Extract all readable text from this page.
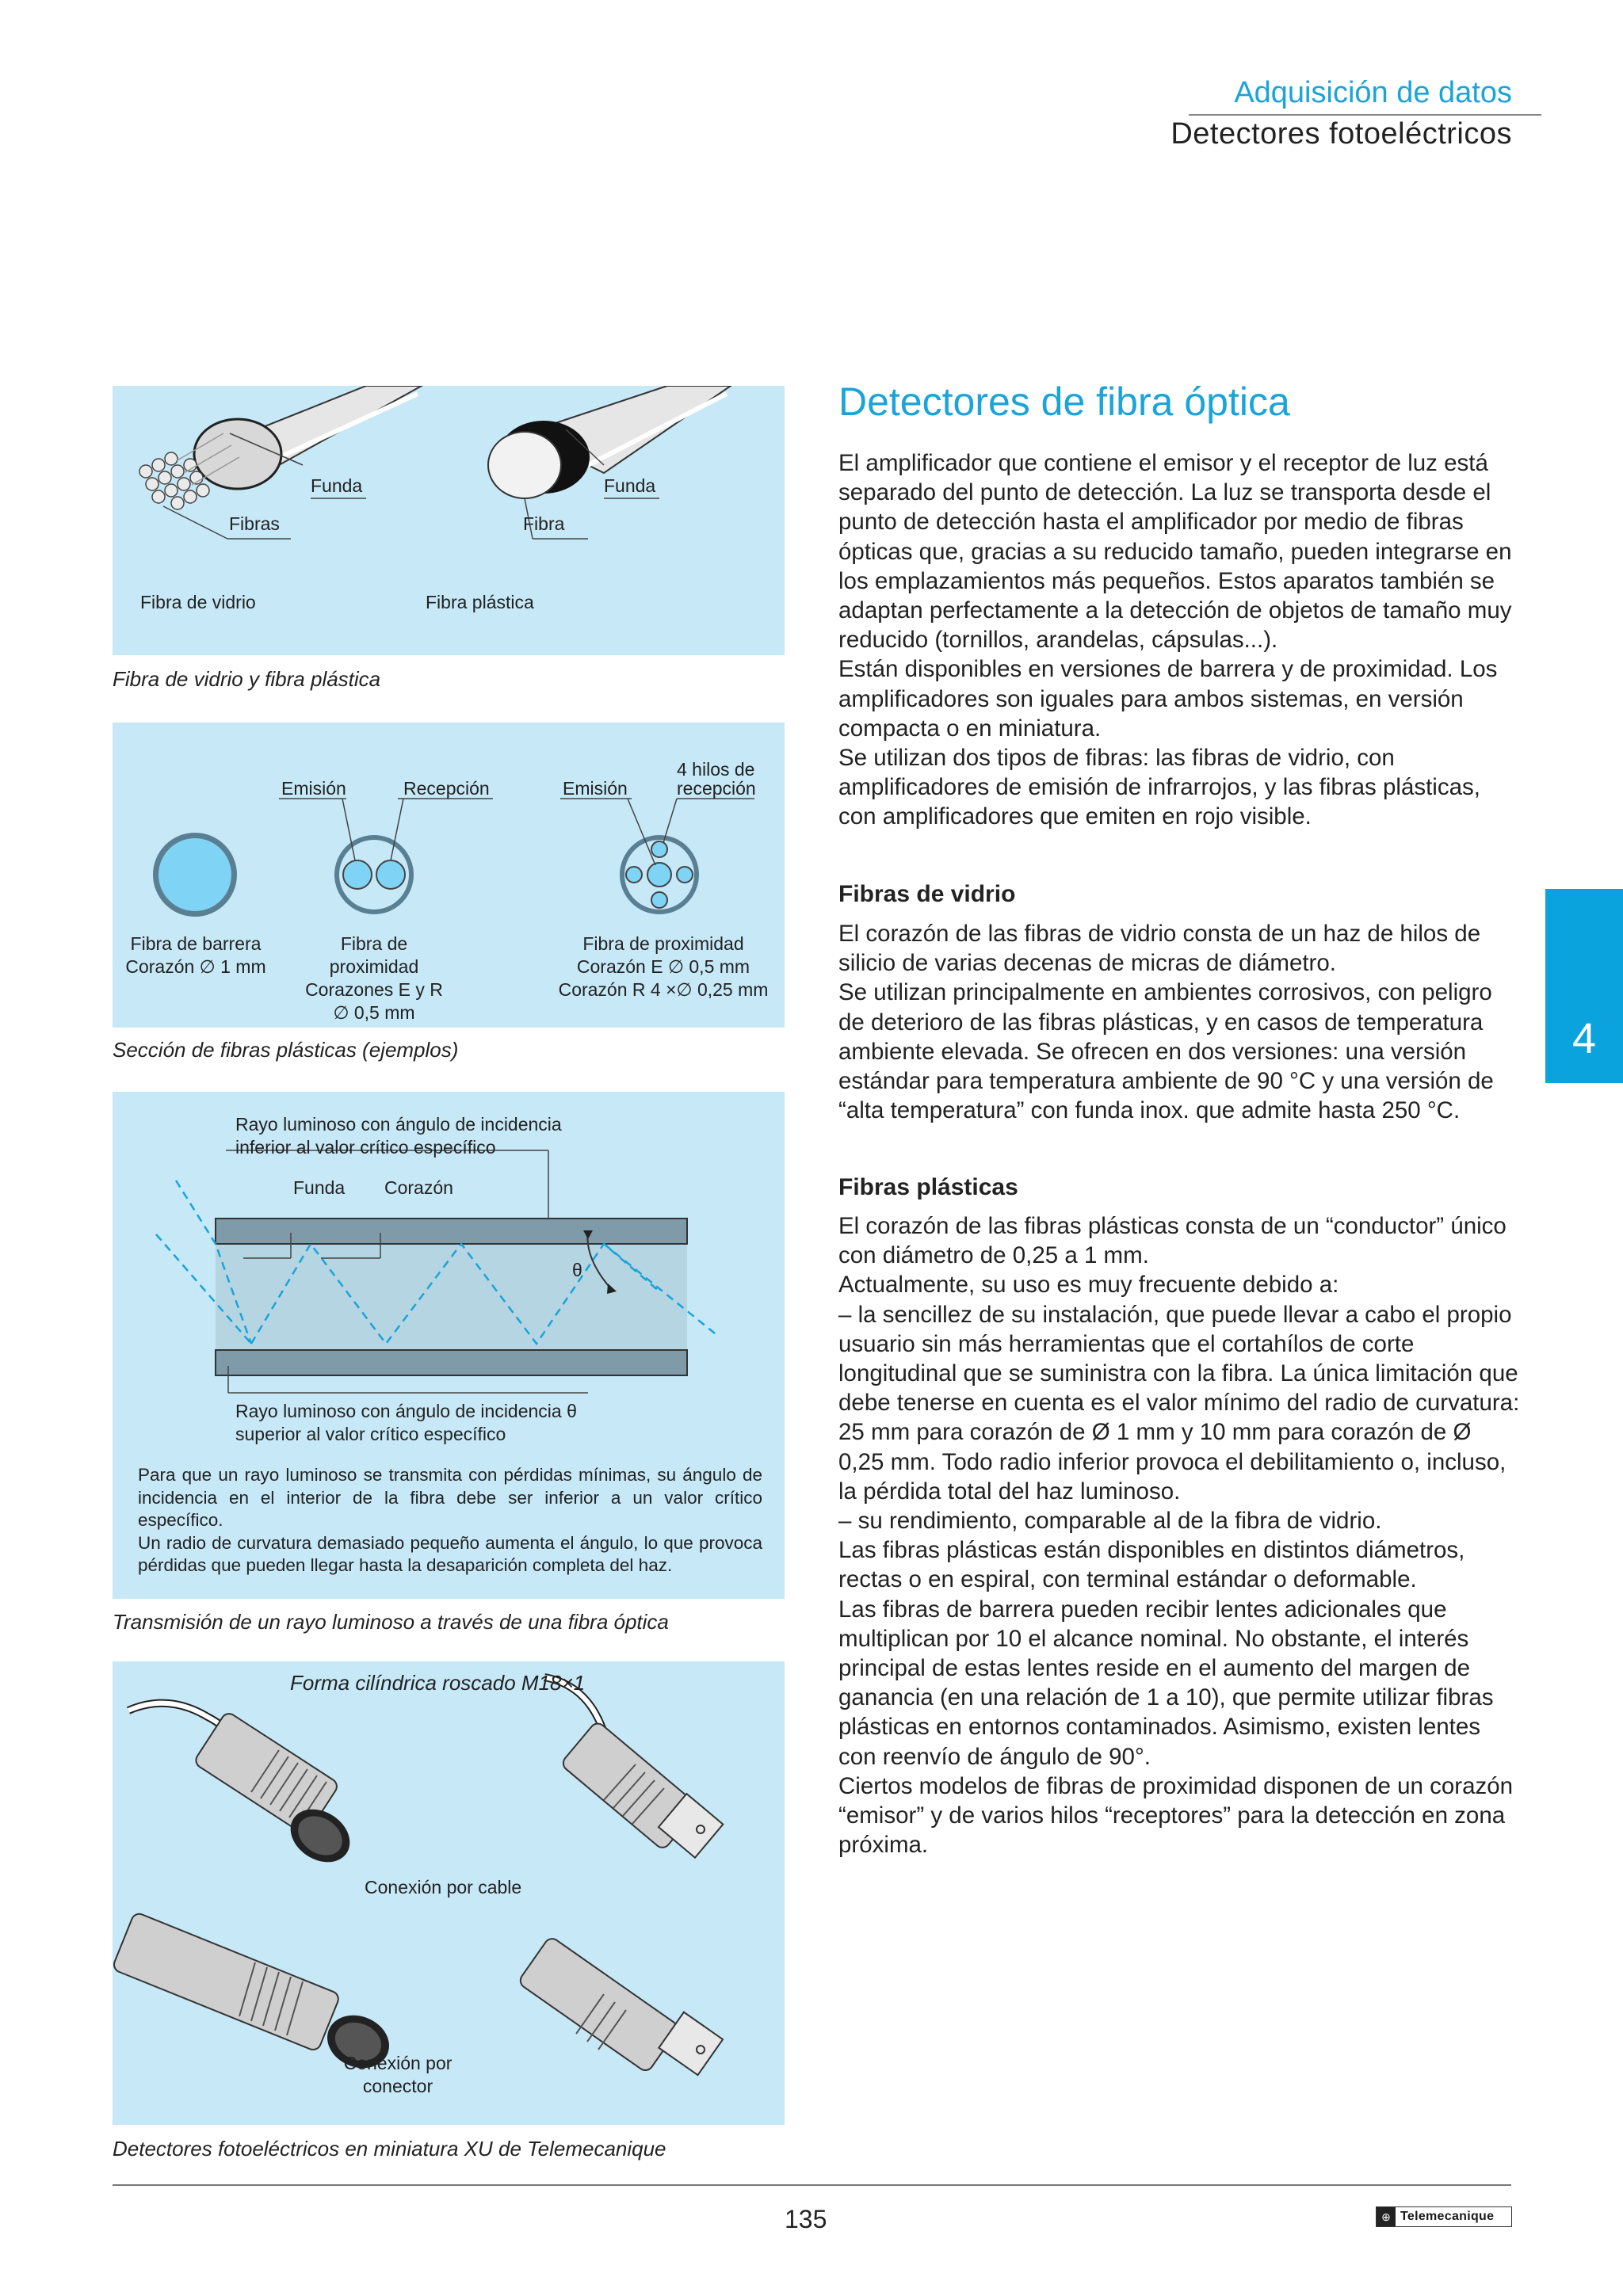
Adquisición de datos
Detectores fotoeléctricos
4
Funda
Fibras
Funda
Fibra
Fibra de vidrio	Fibra plástica
Fibra de vidrio y fibra plástica
Emisión	Recepción	Emisión
4 hilos de
recepción
Fibra de barrera
Corazón ∅ 1 mm
Fibra de
proximidad
Corazones E y R
∅ 0,5 mm
Fibra de proximidad
Corazón E ∅ 0,5 mm
Corazón R 4 ×∅ 0,25 mm
Sección de fibras plásticas (ejemplos)
Rayo luminoso con ángulo de incidencia
inferior al valor crítico específico
Funda Corazón
θ
Rayo luminoso con ángulo de incidencia θ
superior al valor crítico específico
Para que un rayo luminoso se transmita con pérdidas mínimas, su ángulo de incidencia en el interior de la fibra debe ser inferior a un valor crítico específico.
Un radio de curvatura demasiado pequeño aumenta el ángulo, lo que provoca pérdidas que pueden llegar hasta la desaparición completa del haz.
Transmisión de un rayo luminoso a través de una fibra óptica
Forma cilíndrica roscado M18×1
Conexión por cable
Conexión por
conector
Detectores fotoeléctricos en miniatura XU de Telemecanique
Detectores de fibra óptica

El amplificador que contiene el emisor y el receptor de luz está separado del punto de detección. La luz se transporta desde el punto de detección hasta el amplificador por medio de fibras ópticas que, gracias a su reducido tamaño, pueden integrarse en los emplazamientos más pequeños. Estos aparatos también se adaptan perfectamente a la detección de objetos de tamaño muy reducido (tornillos, arandelas, cápsulas...).

Están disponibles en versiones de barrera y de proximidad. Los amplificadores son iguales para ambos sistemas, en versión compacta o en miniatura.

Se utilizan dos tipos de fibras: las fibras de vidrio, con amplificadores de emisión de infrarrojos, y las fibras plásticas, con amplificadores que emiten en rojo visible.

Fibras de vidrio

El corazón de las fibras de vidrio consta de un haz de hilos de silicio de varias decenas de micras de diámetro.

Se utilizan principalmente en ambientes corrosivos, con peligro de deterioro de las fibras plásticas, y en casos de temperatura ambiente elevada. Se ofrecen en dos versiones: una versión estándar para temperatura ambiente de 90 °C y una versión de “alta temperatura” con funda inox. que admite hasta 250 °C.

Fibras plásticas

El corazón de las fibras plásticas consta de un “conductor” único con diámetro de 0,25 a 1 mm.

Actualmente, su uso es muy frecuente debido a:

– la sencillez de su instalación, que puede llevar a cabo el propio usuario sin más herramientas que el cortahílos de corte longitudinal que se suministra con la fibra. La única limitación que debe tenerse en cuenta es el valor mínimo del radio de curvatura: 25 mm para corazón de Ø 1 mm y 10 mm para corazón de Ø 0,25 mm. Todo radio inferior provoca el debilitamiento o, incluso, la pérdida total del haz luminoso.

– su rendimiento, comparable al de la fibra de vidrio.

Las fibras plásticas están disponibles en distintos diámetros, rectas o en espiral, con terminal estándar o deformable.

Las fibras de barrera pueden recibir lentes adicionales que multiplican por 10 el alcance nominal. No obstante, el interés principal de estas lentes reside en el aumento del margen de ganancia (en una relación de 1 a 10), que permite utilizar fibras plásticas en entornos contaminados. Asimismo, existen lentes con reenvío de ángulo de 90°.

Ciertos modelos de fibras de proximidad disponen de un corazón “emisor” y de varios hilos “receptores” para la detección en zona próxima.

135	⊕ Telemecanique
